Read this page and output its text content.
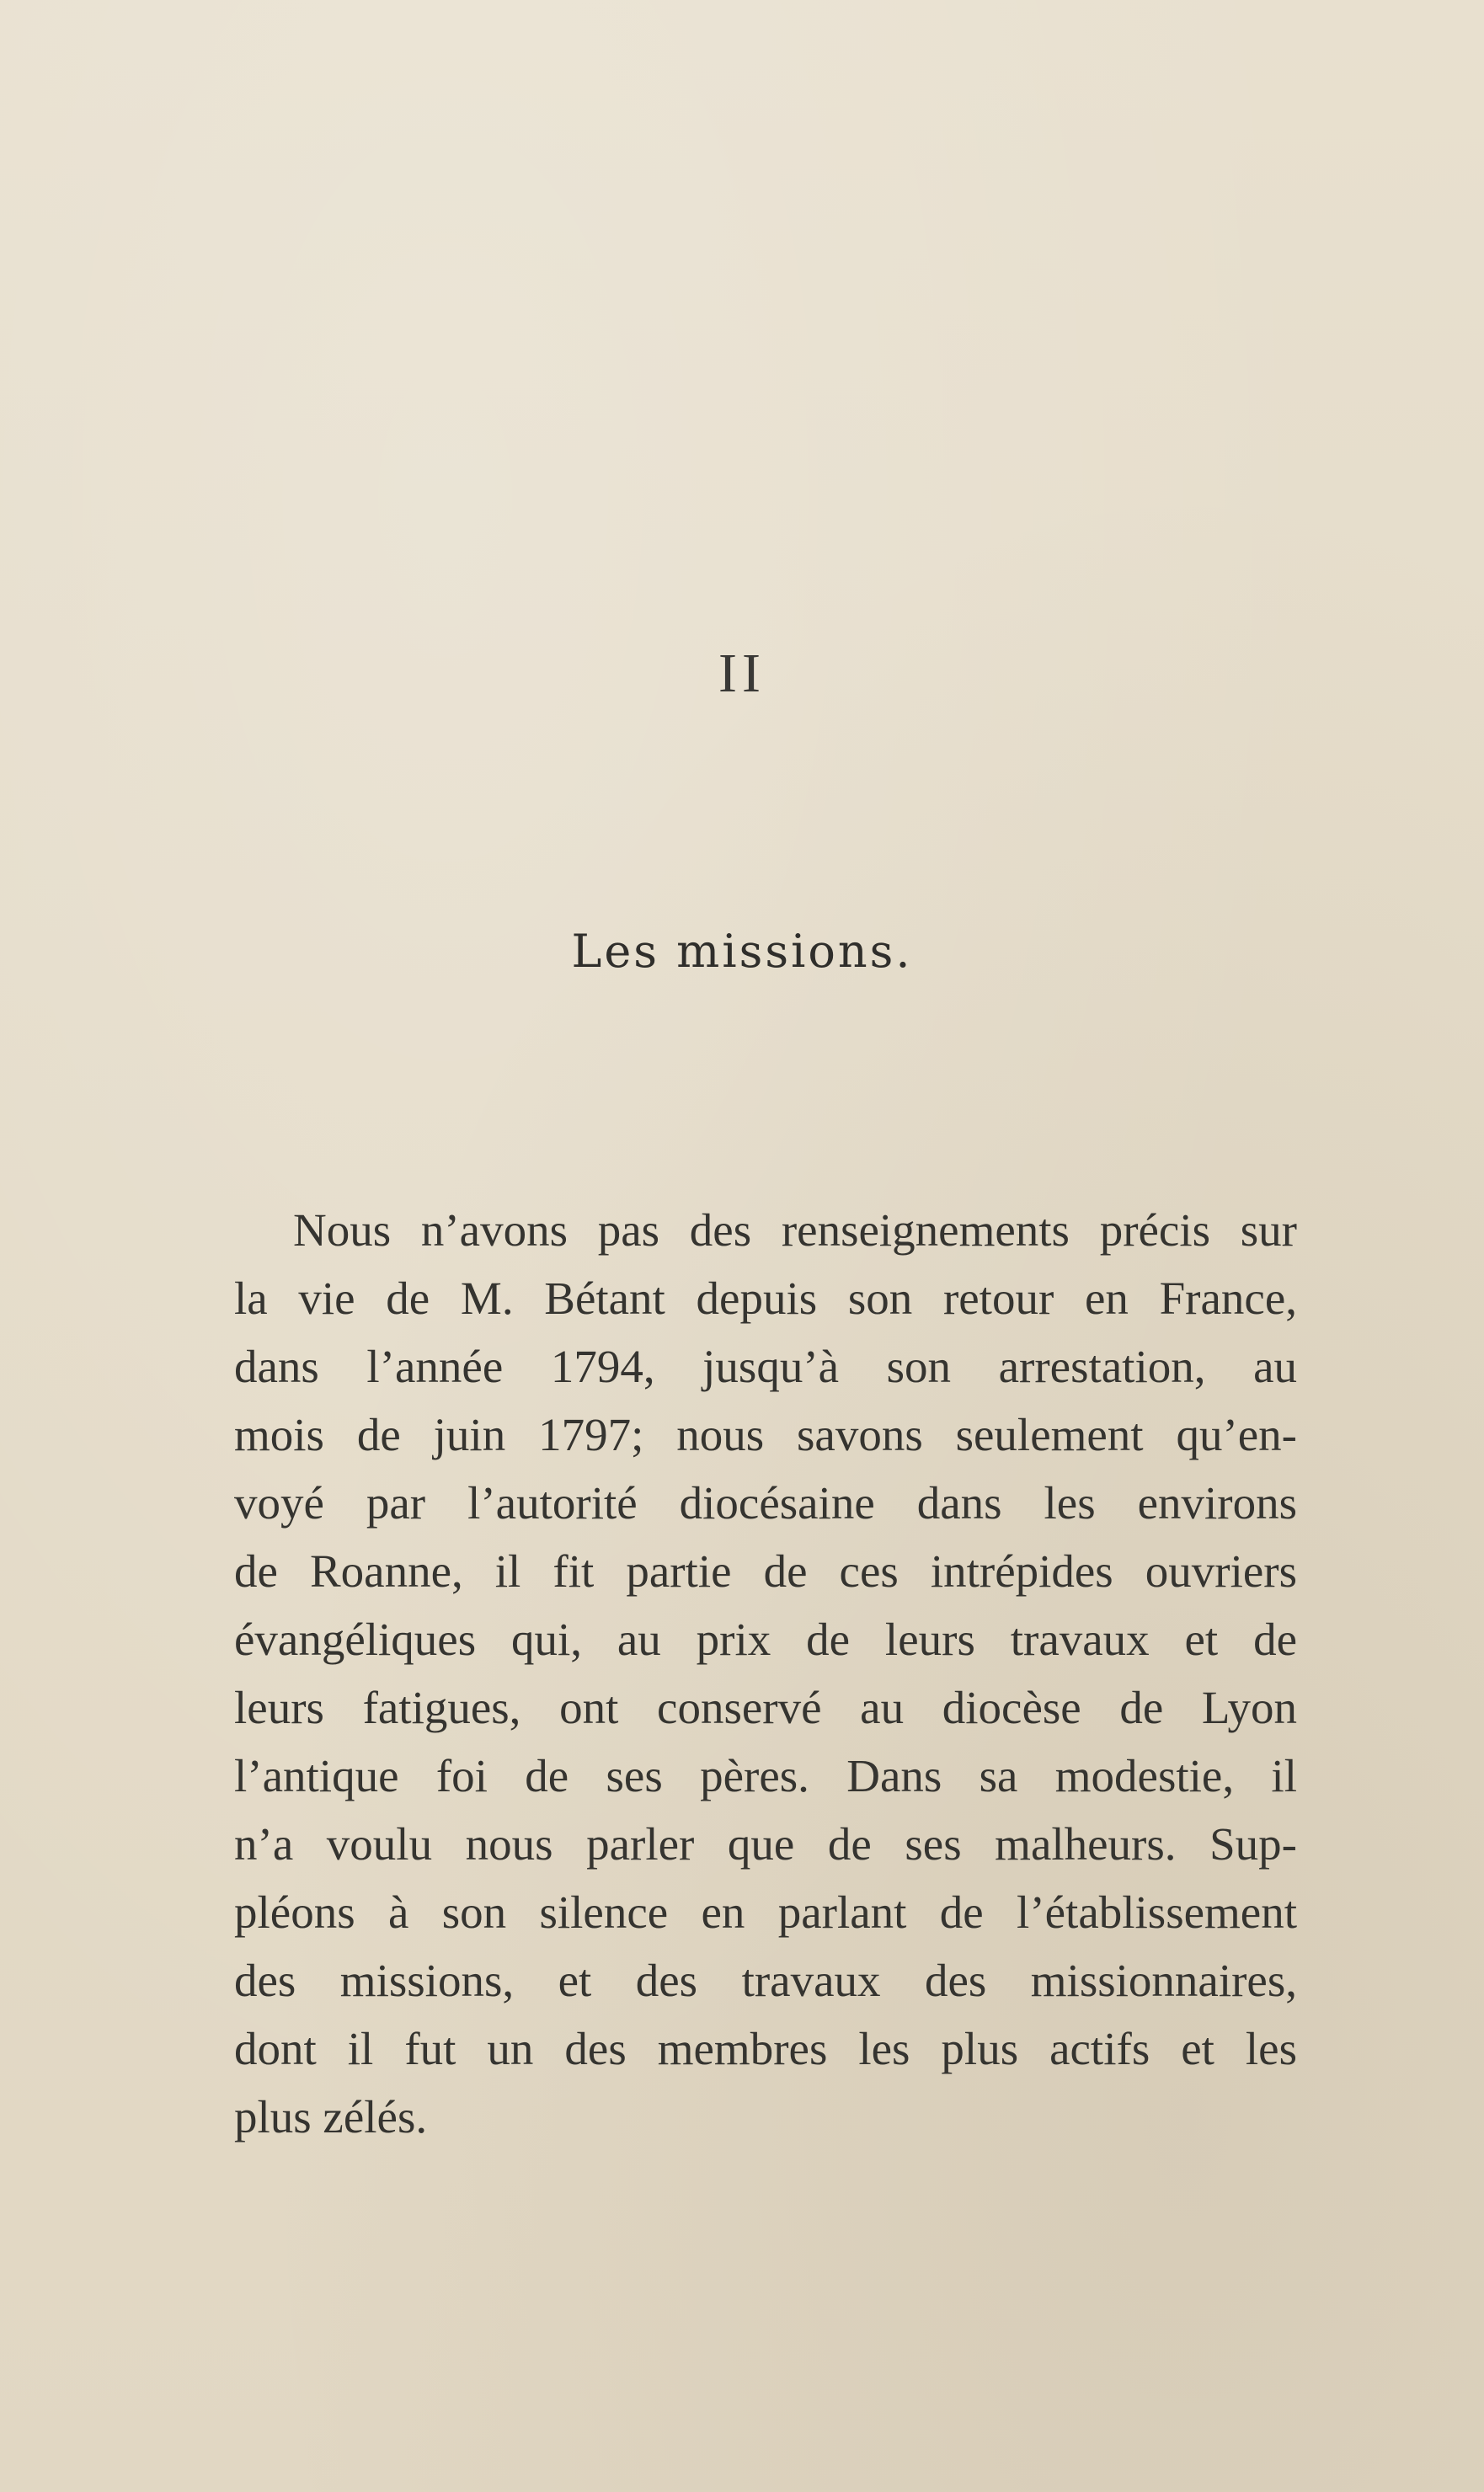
II
Les missions.
Nous n’avons pas des renseignements précis sur
la vie de M. Bétant depuis son retour en France,
dans l’année 1794, jusqu’à son arrestation, au
mois de juin 1797; nous savons seulement qu’en-
voyé par l’autorité diocésaine dans les environs
de Roanne, il fit partie de ces intrépides ouvriers
évangéliques qui, au prix de leurs travaux et de
leurs fatigues, ont conservé au diocèse de Lyon
l’antique foi de ses pères. Dans sa modestie, il
n’a voulu nous parler que de ses malheurs. Sup-
pléons à son silence en parlant de l’établissement
des missions, et des travaux des missionnaires,
dont il fut un des membres les plus actifs et les
plus zélés.
